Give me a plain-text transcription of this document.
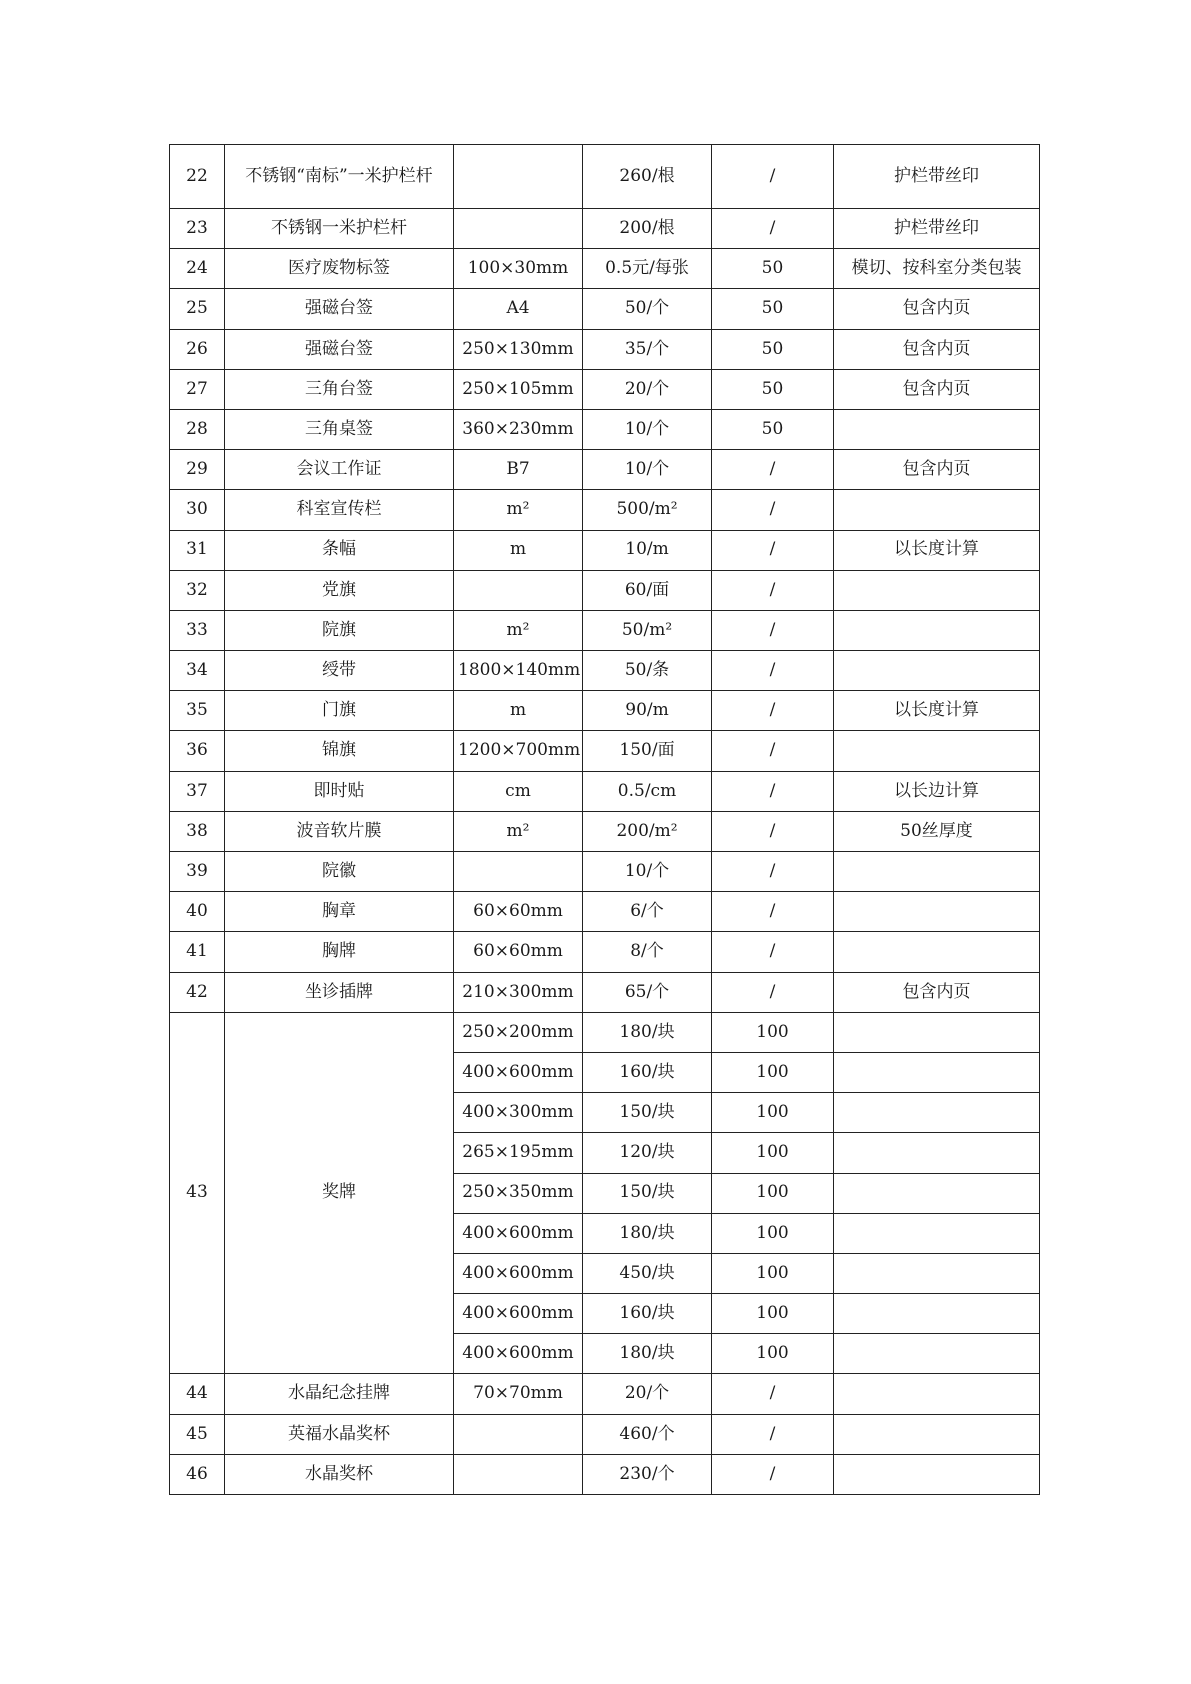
22	不锈钢“南标”一米护栏杆		260/根	/	护栏带丝印
23	不锈钢一米护栏杆		200/根	/	护栏带丝印
24	医疗废物标签	100×30mm	0.5元/每张	50	模切、按科室分类包装
25	强磁台签	A4	50/个	50	包含内页
26	强磁台签	250×130mm	35/个	50	包含内页
27	三角台签	250×105mm	20/个	50	包含内页
28	三角桌签	360×230mm	10/个	50	
29	会议工作证	B7	10/个	/	包含内页
30	科室宣传栏	m²	500/m²	/	
31	条幅	m	10/m	/	以长度计算
32	党旗		60/面	/	
33	院旗	m²	50/m²	/	
34	绶带	1800×140mm	50/条	/	
35	门旗	m	90/m	/	以长度计算
36	锦旗	1200×700mm	150/面	/	
37	即时贴	cm	0.5/cm	/	以长边计算
38	波音软片膜	m²	200/m²	/	50丝厚度
39	院徽		10/个	/	
40	胸章	60×60mm	6/个	/	
41	胸牌	60×60mm	8/个	/	
42	坐诊插牌	210×300mm	65/个	/	包含内页
43	奖牌	250×200mm	180/块	100	
		400×600mm	160/块	100	
		400×300mm	150/块	100	
		265×195mm	120/块	100	
		250×350mm	150/块	100	
		400×600mm	180/块	100	
		400×600mm	450/块	100	
		400×600mm	160/块	100	
		400×600mm	180/块	100	
44	水晶纪念挂牌	70×70mm	20/个	/	
45	英福水晶奖杯		460/个	/	
46	水晶奖杯		230/个	/	
